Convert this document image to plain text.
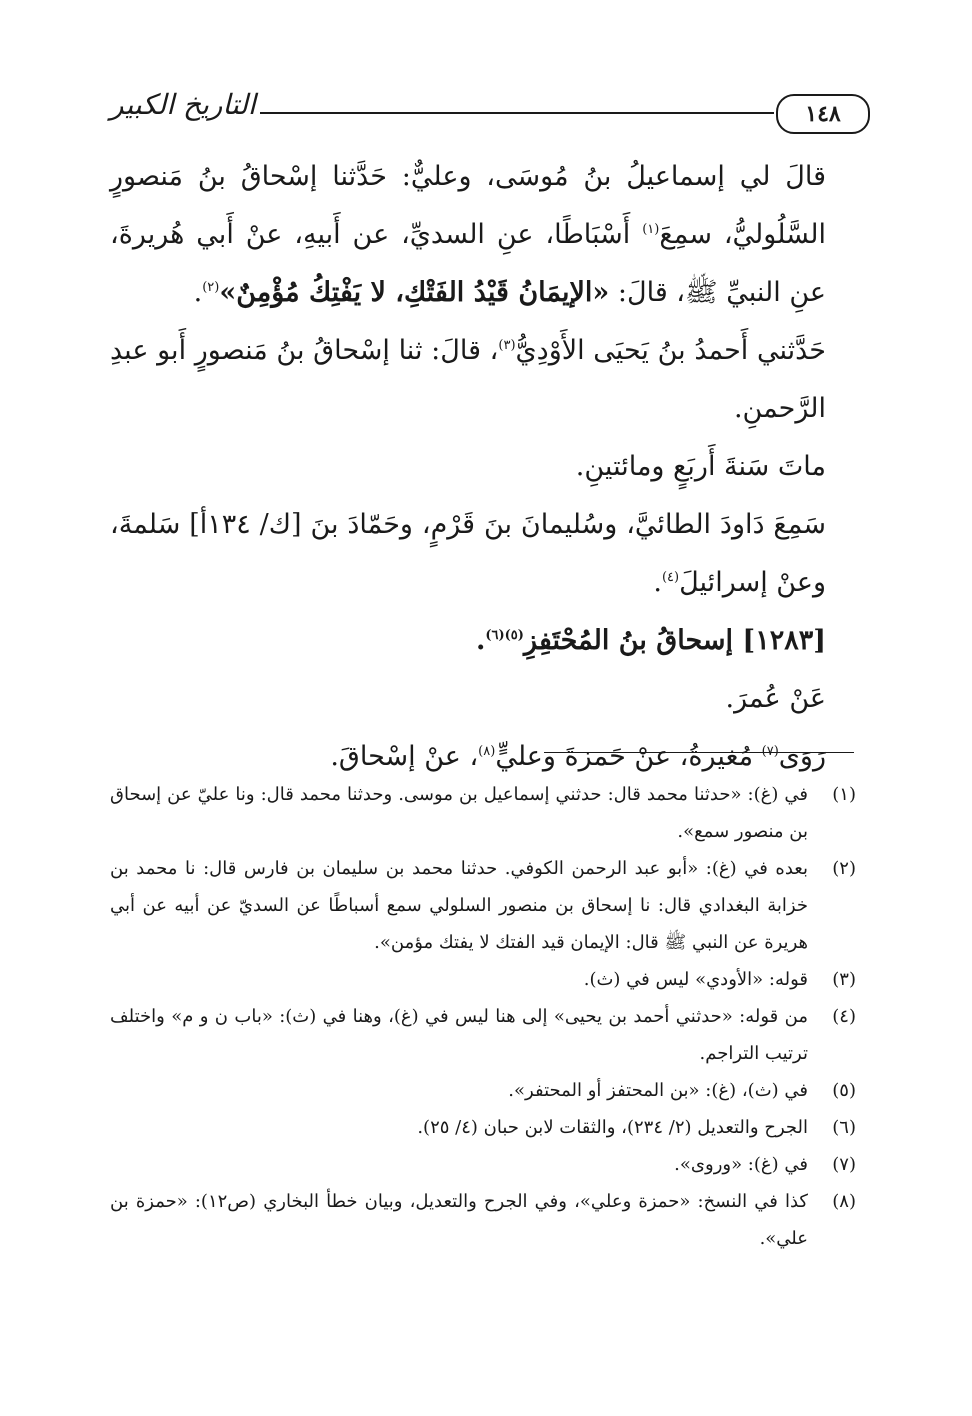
١٤٨
التاريخ الكبير

قالَ لي إسماعيلُ بنُ مُوسَى، وعليٌّ: حَدَّثنا إسْحاقُ بنُ مَنصورٍ السَّلُوليُّ، سمِعَ$^{(١)}$ أَسْبَاطًا، عنِ السديِّ، عن أَبيهِ، عنْ أَبي هُريرةَ، عنِ النبيِّ ﷺ، قالَ: «الإيمَانُ قَيْدُ الفَتْكِ، لا يَفْتِكُ مُؤْمِنٌ»$^{(٢)}$.

حَدَّثني أَحمدُ بنُ يَحيَى الأَوْدِيُّ$^{(٣)}$، قالَ: ثنا إسْحاقُ بنُ مَنصورٍ أَبو عبدِ الرَّحمنِ.

ماتَ سَنةَ أَربَعٍ ومائتينِ.

سَمِعَ دَاودَ الطائيَّ، وسُليمانَ بنَ قَرْمٍ، وحَمّادَ بنَ [ك/ ١٣٤أ] سَلمةَ، وعنْ إسرائيلَ$^{(٤)}$.

[١٢٨٣] إسحاقُ بنُ المُحْتَفِزِ$^{(٥)(٦)}$.

عَنْ عُمرَ.

رَوَى$^{(٧)}$ مُغيرةُ، عنْ حَمزةَ وعليٍّ$^{(٨)}$، عنْ إسْحاقَ.

(١)
في (غ): «حدثنا محمد قال: حدثني إسماعيل بن موسى. وحدثنا محمد قال: ونا عليّ عن إسحاق بن منصور سمع».
(٢)
بعده في (غ): «أبو عبد الرحمن الكوفي. حدثنا محمد بن سليمان بن فارس قال: نا محمد بن خزابة البغدادي قال: نا إسحاق بن منصور السلولي سمع أسباطًا عن السديّ عن أبيه عن أبي هريرة عن النبي ﷺ قال: الإيمان قيد الفتك لا يفتك مؤمن».
(٣)
قوله: «الأودي» ليس في (ث).
(٤)
من قوله: «حدثني أحمد بن يحيى» إلى هنا ليس في (غ)، وهنا في (ث): «باب ن و م» واختلف ترتيب التراجم.
(٥)
في (ث)، (غ): «بن المحتفز أو المحتفر».
(٦)
الجرح والتعديل (٢/ ٢٣٤)، والثقات لابن حبان (٤/ ٢٥).
(٧)
في (غ): «وروى».
(٨)
كذا في النسخ: «حمزة وعلي»، وفي الجرح والتعديل، وبيان خطأ البخاري (ص١٢): «حمزة بن علي».
